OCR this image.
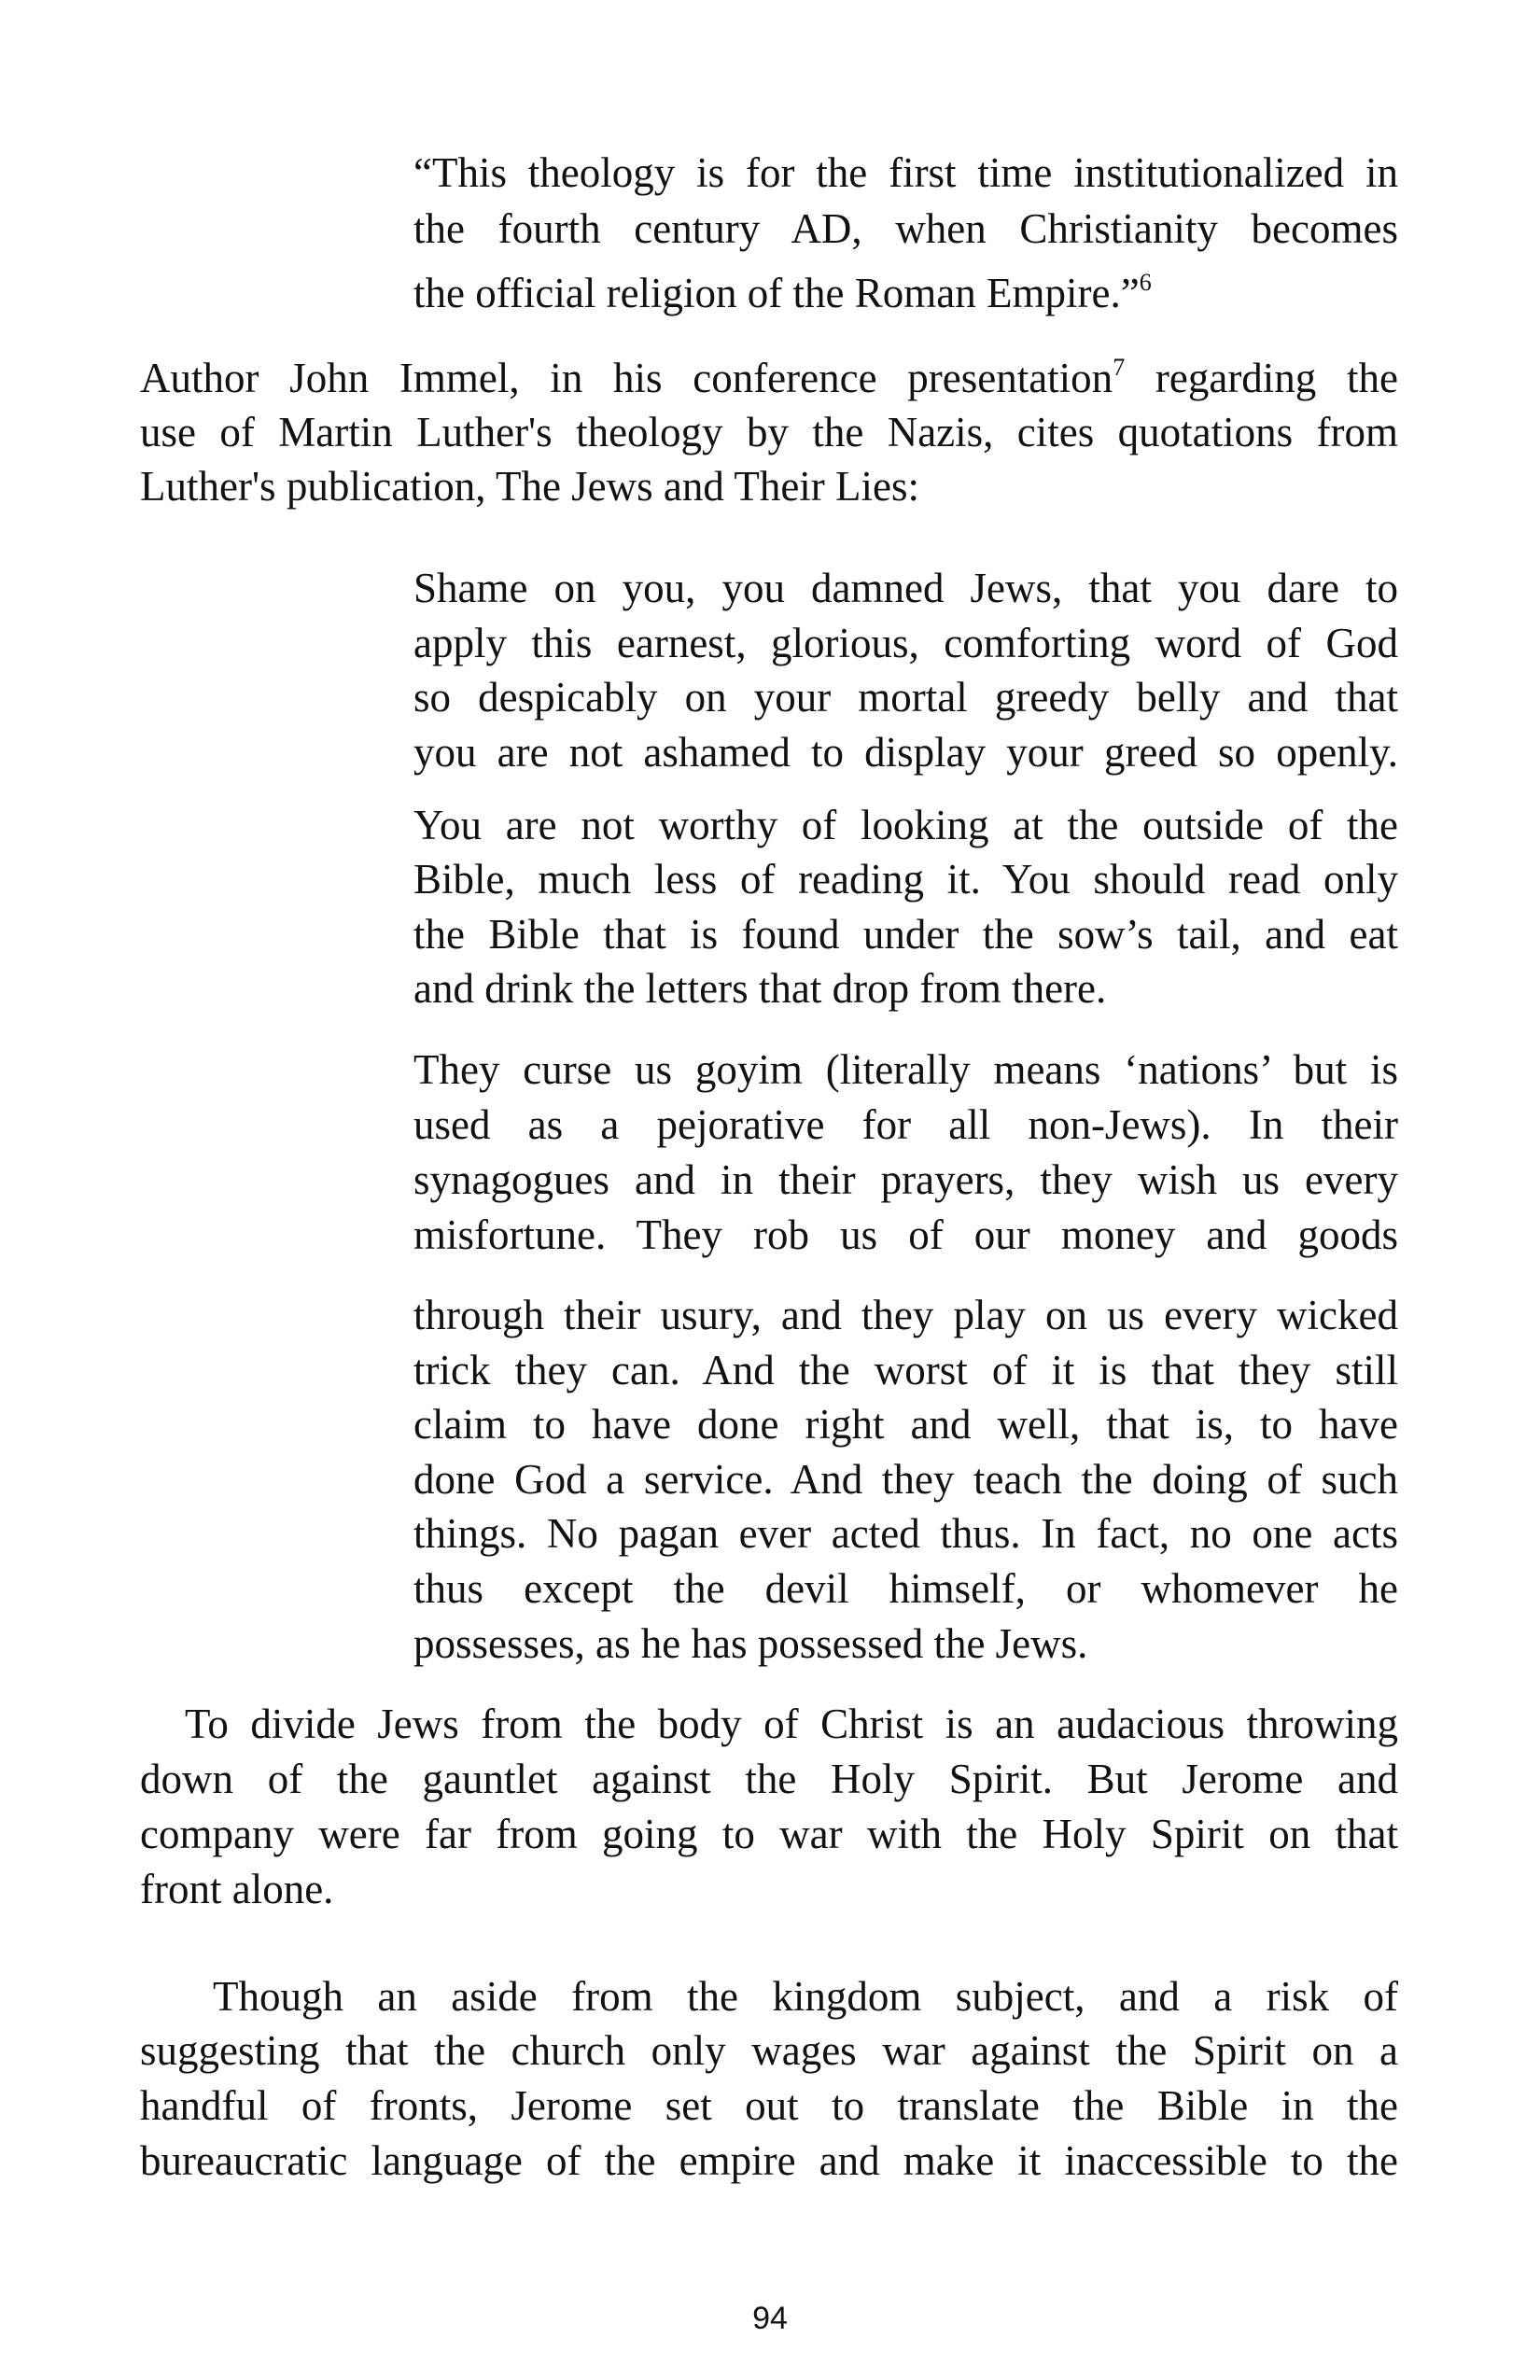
“This theology is for the first time institutionalized in
the fourth century AD, when Christianity becomes
the official religion of the Roman Empire.”$^6$
Author John Immel, in his conference presentation$^7$ regarding the
use of Martin Luther's theology by the Nazis, cites quotations from
Luther's publication, The Jews and Their Lies:
Shame on you, you damned Jews, that you dare to
apply this earnest, glorious, comforting word of God
so despicably on your mortal greedy belly and that
you are not ashamed to display your greed so openly.
You are not worthy of looking at the outside of the
Bible, much less of reading it. You should read only
the Bible that is found under the sow’s tail, and eat
and drink the letters that drop from there.
They curse us goyim (literally means ‘nations’ but is
used as a pejorative for all non-Jews). In their
synagogues and in their prayers, they wish us every
misfortune. They rob us of our money and goods
through their usury, and they play on us every wicked
trick they can. And the worst of it is that they still
claim to have done right and well, that is, to have
done God a service. And they teach the doing of such
things. No pagan ever acted thus. In fact, no one acts
thus except the devil himself, or whomever he
possesses, as he has possessed the Jews.
To divide Jews from the body of Christ is an audacious throwing
down of the gauntlet against the Holy Spirit. But Jerome and
company were far from going to war with the Holy Spirit on that
front alone.
Though an aside from the kingdom subject, and a risk of
suggesting that the church only wages war against the Spirit on a
handful of fronts, Jerome set out to translate the Bible in the
bureaucratic language of the empire and make it inaccessible to the
94
